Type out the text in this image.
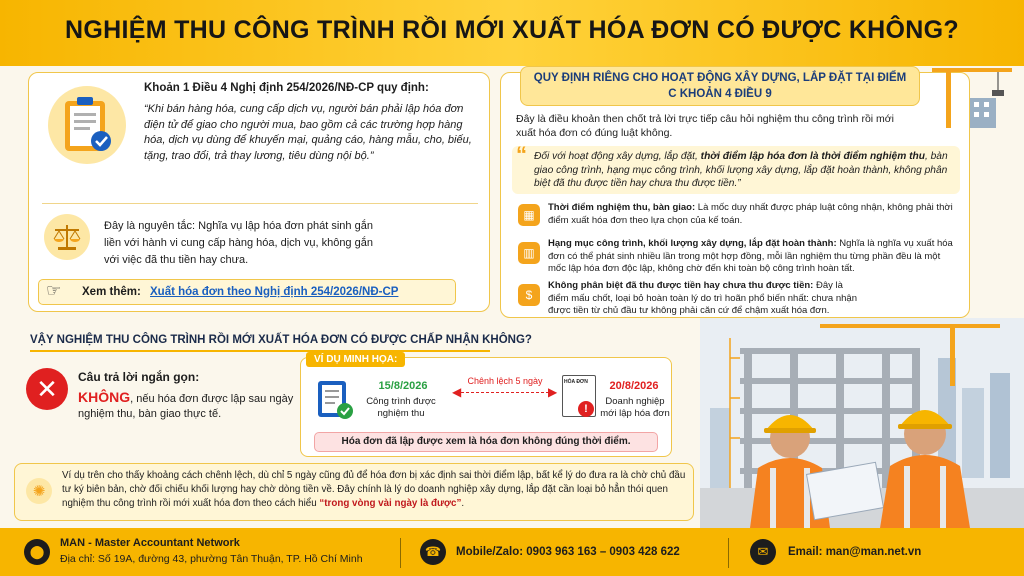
NGHIỆM THU CÔNG TRÌNH RỒI MỚI XUẤT HÓA ĐƠN CÓ ĐƯỢC KHÔNG?
Khoản 1 Điều 4 Nghị định 254/2026/NĐ-CP quy định:
“Khi bán hàng hóa, cung cấp dịch vụ, người bán phải lập hóa đơn điện tử để giao cho người mua, bao gồm cả các trường hợp hàng hóa, dịch vụ dùng để khuyến mại, quảng cáo, hàng mẫu, cho, biếu, tặng, trao đổi, trả thay lương, tiêu dùng nội bộ.”
Đây là nguyên tắc: Nghĩa vụ lập hóa đơn phát sinh gắn liền với hành vi cung cấp hàng hóa, dịch vụ, không gắn với việc đã thu tiền hay chưa.
☞ Xem thêm: Xuất hóa đơn theo Nghị định 254/2026/NĐ-CP
QUY ĐỊNH RIÊNG CHO HOẠT ĐỘNG XÂY DỰNG, LẮP ĐẶT TẠI ĐIỂM C KHOẢN 4 ĐIỀU 9
Đây là điều khoản then chốt trả lời trực tiếp câu hỏi nghiệm thu công trình rồi mới xuất hóa đơn có đúng luật không.
“ Đối với hoạt động xây dựng, lắp đặt, thời điểm lập hóa đơn là thời điểm nghiệm thu, bàn giao công trình, hạng mục công trình, khối lượng xây dựng, lắp đặt hoàn thành, không phân biệt đã thu được tiền hay chưa thu được tiền.”
▦
Thời điểm nghiệm thu, bàn giao: Là mốc duy nhất được pháp luật công nhận, không phải thời điểm xuất hóa đơn theo lựa chọn của kế toán.
▥
Hạng mục công trình, khối lượng xây dựng, lắp đặt hoàn thành: Nghĩa là nghĩa vụ xuất hóa đơn có thể phát sinh nhiều lần trong một hợp đồng, mỗi lần nghiệm thu từng phần đều là một mốc lập hóa đơn độc lập, không chờ đến khi toàn bộ công trình hoàn tất.
$
Không phân biệt đã thu được tiền hay chưa thu được tiền: Đây là điểm mấu chốt, loại bỏ hoàn toàn lý do trì hoãn phổ biến nhất: chưa nhận được tiền từ chủ đầu tư không phải căn cứ để chậm xuất hóa đơn.
VẬY NGHIỆM THU CÔNG TRÌNH RỒI MỚI XUẤT HÓA ĐƠN CÓ ĐƯỢC CHẤP NHẬN KHÔNG?
✕	Câu trả lời ngắn gọn:
KHÔNG, nếu hóa đơn được lập sau ngày nghiệm thu, bàn giao thực tế.
VÍ DỤ MINH HỌA:
15/8/2026
Công trình được nghiệm thu
Chênh lệch 5 ngày
◀	▶
HÓA ĐƠN
!
20/8/2026
Doanh nghiệp mới lập hóa đơn
Hóa đơn đã lập được xem là hóa đơn không đúng thời điểm.
✺
Ví dụ trên cho thấy khoảng cách chênh lệch, dù chỉ 5 ngày cũng đủ để hóa đơn bị xác định sai thời điểm lập, bất kể lý do đưa ra là chờ chủ đầu tư ký biên bản, chờ đối chiếu khối lượng hay chờ dòng tiền về. Đây chính là lý do doanh nghiệp xây dựng, lắp đặt cần loại bỏ hẳn thói quen nghiệm thu công trình rồi mới xuất hóa đơn theo cách hiểu “trong vòng vài ngày là được”.
⬤
MAN - Master Accountant Network
Địa chỉ: Số 19A, đường 43, phường Tân Thuận, TP. Hồ Chí Minh	☎	Mobile/Zalo: 0903 963 163 – 0903 428 622	✉	Email: man@man.net.vn
